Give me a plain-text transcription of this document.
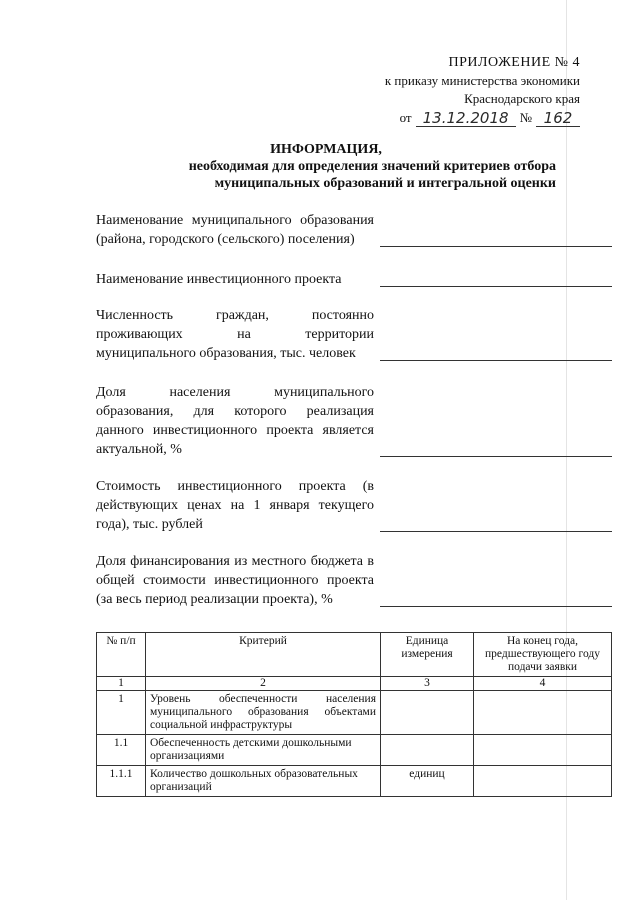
ПРИЛОЖЕНИЕ № 4
к приказу министерства экономики
Краснодарского края
от 13.12.2018 № 162
ИНФОРМАЦИЯ,
необходимая для определения значений критериев отбора
муниципальных образований и интегральной оценки
Наименование муниципального образования (района, городского (сельского) поселения)
Наименование инвестиционного проекта
Численность граждан, постоянно проживающих на территории муниципального образования, тыс. человек
Доля населения муниципального образования, для которого реализация данного инвестиционного проекта является актуальной, %
Стоимость инвестиционного проекта (в действующих ценах на 1 января текущего года), тыс. рублей
Доля финансирования из местного бюджета в общей стоимости инвестиционного проекта (за весь период реализации проекта), %
№ п/п	Критерий	Единица измерения	На конец года, предшествующего году подачи заявки
1	2	3	4
1	Уровень обеспеченности населения муниципального образования объектами социальной инфраструктуры		
1.1	Обеспеченность детскими дошкольными организациями		
1.1.1	Количество дошкольных образовательных организаций	единиц	
